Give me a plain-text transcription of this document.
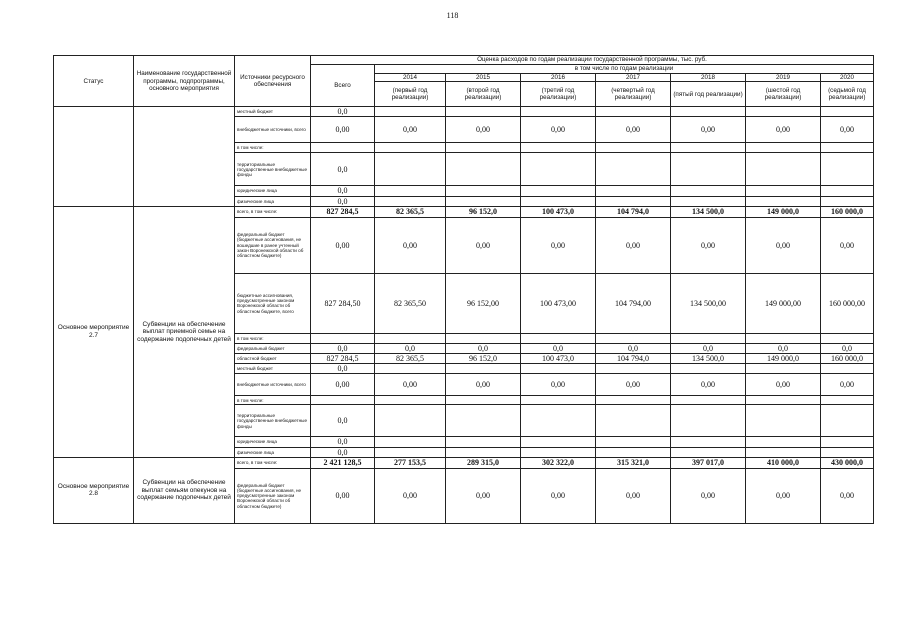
118
Статус	Наименование государственной программы, подпрограммы, основного мероприятия	Источники ресурсного обеспечения	Оценка расходов по годам реализации государственной программы, тыс. руб.							
			Всего	в том числе по годам реализации						
				2014	2015	2016	2017	2018	2019	2020
				(первый год реализации)	(второй год реализации)	(третий год реализации)	(четвертый год реализации)	(пятый год реализации)	(шестой год реализации)	(седьмой год реализации)
		местный бюджет	0,0							
		внебюджетные источники, всего	0,00	0,00	0,00	0,00	0,00	0,00	0,00	0,00
		в том числе:								
		территориальные государственные внебюджетные фонды	0,0							
		юридические лица	0,0							
		физические лица	0,0							
Основное мероприятие 2.7	Субвенции на обеспечение выплат приемной семье на содержание подопечных детей	всего, в том числе:	827 284,5	82 365,5	96 152,0	100 473,0	104 794,0	134 500,0	149 000,0	160 000,0
		федеральный бюджет (бюджетные ассигнования, не вошедшие в ранее учтенный закон Воронежской области об областном бюджете)	0,00	0,00	0,00	0,00	0,00	0,00	0,00	0,00
		бюджетные ассигнования, предусмотренные законом Воронежской области об областном бюджете, всего	827 284,50	82 365,50	96 152,00	100 473,00	104 794,00	134 500,00	149 000,00	160 000,00
		в том числе:								
		федеральный бюджет	0,0	0,0	0,0	0,0	0,0	0,0	0,0	0,0
		областной бюджет	827 284,5	82 365,5	96 152,0	100 473,0	104 794,0	134 500,0	149 000,0	160 000,0
		местный бюджет	0,0							
		внебюджетные источники, всего	0,00	0,00	0,00	0,00	0,00	0,00	0,00	0,00
		в том числе:								
		территориальные государственные внебюджетные фонды	0,0							
		юридические лица	0,0							
		физические лица	0,0							
Основное мероприятие 2.8	Субвенции на обеспечение выплат семьям опекунов на содержание подопечных детей	всего, в том числе:	2 421 128,5	277 153,5	289 315,0	302 322,0	315 321,0	397 017,0	410 000,0	430 000,0
		федеральный бюджет (бюджетные ассигнования, не предусмотренные законом Воронежской области об областном бюджете)	0,00	0,00	0,00	0,00	0,00	0,00	0,00	0,00
